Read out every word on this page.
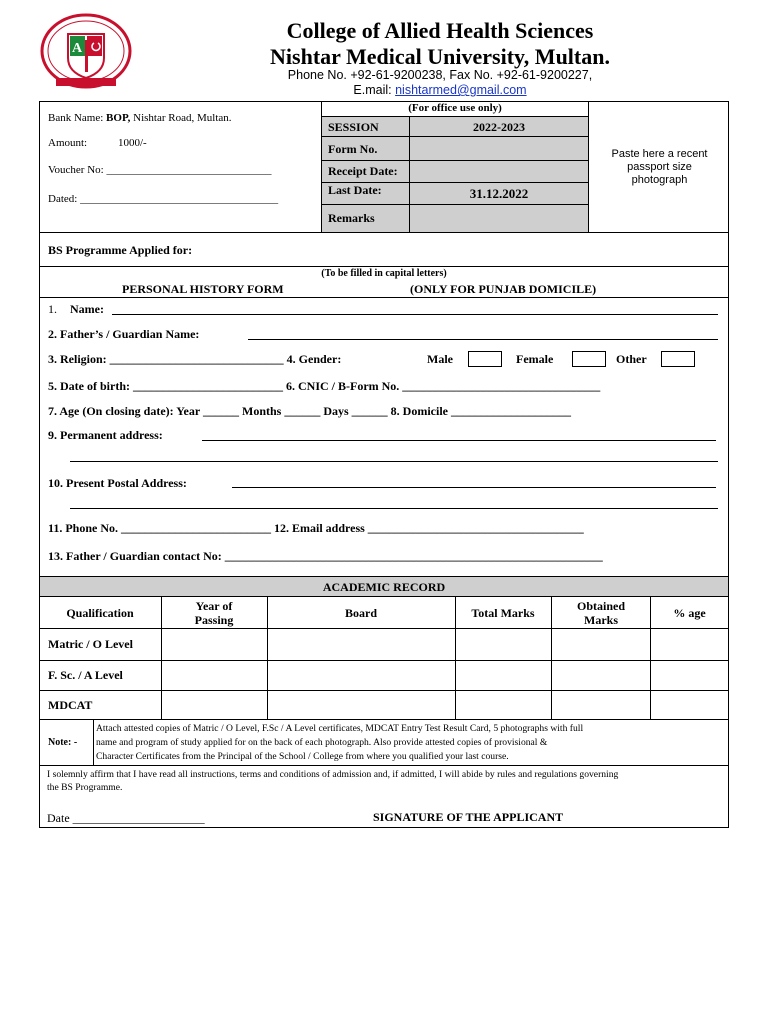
A
College of Allied Health Sciences
Nishtar Medical University, Multan.
Phone No. +92-61-9200238, Fax No. +92-61-9200227,
E.mail: nishtarmed@gmail.com
Bank Name: BOP, Nishtar Road, Multan.
Amount:	1000/-
Voucher No: ______________________________
Dated: ____________________________________
(For office use only)
SESSION	2022-2023
Form No.
Receipt Date:
Last Date:	31.12.2022
Remarks
Paste here a recent
passport size
photograph
BS Programme Applied for:
(To be filled in capital letters)
PERSONAL HISTORY FORM	(ONLY FOR PUNJAB DOMICILE)
1. Name:
2. Father’s / Guardian Name:
3. Religion: _____________________________ 4. Gender:	Male	Female	Other
5. Date of birth: _________________________ 6. CNIC / B-Form No. _________________________________
7. Age (On closing date): Year ______ Months ______ Days ______ 8. Domicile ____________________
9. Permanent address:
10. Present Postal Address:
11. Phone No. _________________________ 12. Email address ____________________________________
13. Father / Guardian contact No: _______________________________________________________________
ACADEMIC RECORD
Qualification	Year of Passing	Board	Total Marks	Obtained Marks	% age
Matric / O Level
F. Sc. / A Level
MDCAT
Note: -
Attach attested copies of Matric / O Level, F.Sc / A Level certificates, MDCAT Entry Test Result Card, 5 photographs with full
name and program of study applied for on the back of each photograph. Also provide attested copies of provisional &
Character Certificates from the Principal of the School / College from where you qualified your last course.
I solemnly affirm that I have read all instructions, terms and conditions of admission and, if admitted, I will abide by rules and regulations governing
the BS Programme.
Date ______________________	SIGNATURE OF THE APPLICANT
